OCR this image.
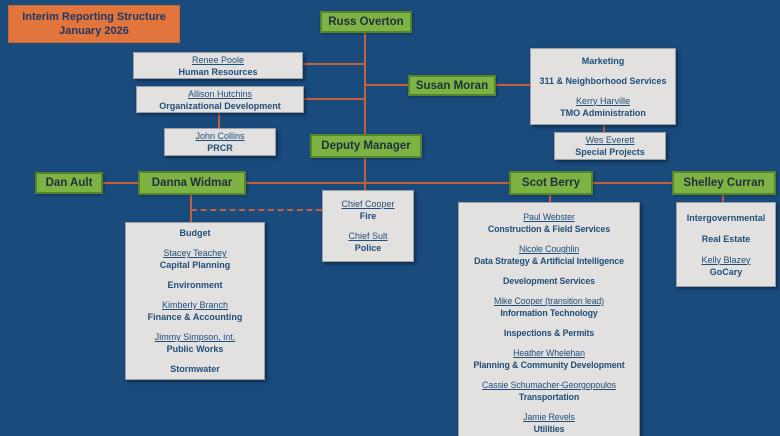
Interim Reporting Structure
January 2026
Russ Overton
Susan Moran
Deputy Manager
Dan Ault	Danna Widmar	Scot Berry	Shelley Curran
Renee Poole
Human Resources
Allison Hutchins
Organizational Development
John Collins
PRCR
Marketing
311 & Neighborhood Services
Kerry Harville
TMO Administration
Wes Everett
Special Projects
Chief Cooper
Fire
Chief Sult
Police
Budget
Stacey Teachey
Capital Planning
Environment
Kimberly Branch
Finance & Accounting
Jimmy Simpson, int.
Public Works
Stormwater
Paul Webster
Construction & Field Services
Nicole Coughlin
Data Strategy & Artificial Intelligence
Development Services
Mike Cooper (transition lead)
Information Technology
Inspections & Permits
Heather Whelehan
Planning & Community Development
Cassie Schumacher-Georgopoulos
Transportation
Jamie Revels
Utilities
Intergovernmental
Real Estate
Kelly Blazey
GoCary
